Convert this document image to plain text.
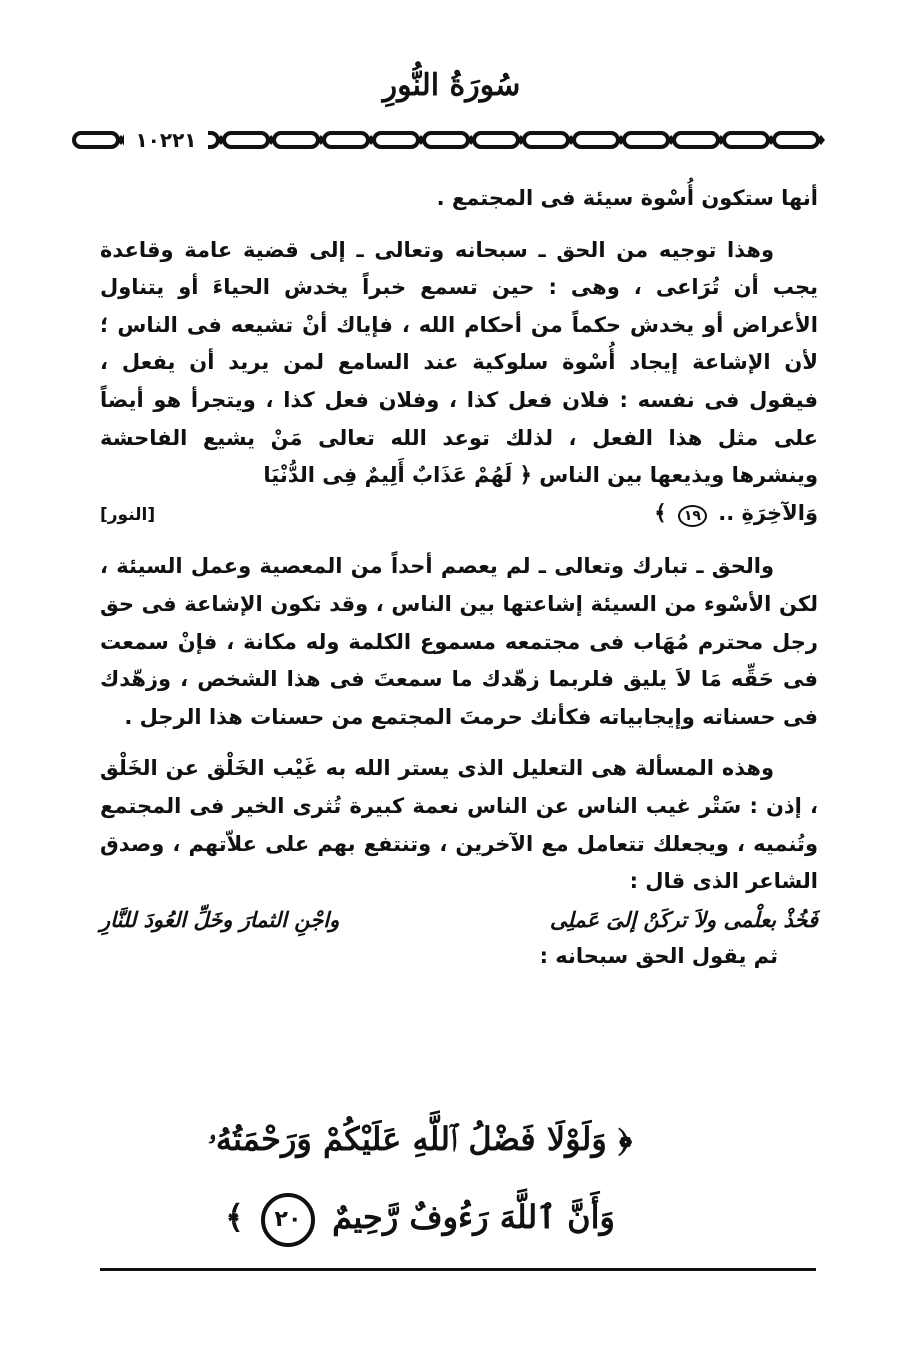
سُورَةُ النُّورِ
١٠٢٢١

أنها ستكون أُسْوة سيئة فى المجتمع .

وهذا توجيه من الحق ـ سبحانه وتعالى ـ إلى قضية عامة وقاعدة يجب أن تُرَاعى ، وهى : حين تسمع خبراً يخدش الحياءَ أو يتناول الأعراض أو يخدش حكماً من أحكام الله ، فإياك أنْ تشيعه فى الناس ؛ لأن الإشاعة إيجاد أُسْوة سلوكية عند السامع لمن يريد أن يفعل ، فيقول فى نفسه : فلان فعل كذا ، وفلان فعل كذا ، ويتجرأ هو أيضاً على مثل هذا الفعل ، لذلك توعد الله تعالى مَنْ يشيع الفاحشة وينشرها ويذيعها بين الناس ﴿ لَهُمْ عَذَابٌ أَلِيمٌ فِى الدُّنْيَا

وَالآخِرَةِ .. ١٩ ﴾
[النور]

والحق ـ تبارك وتعالى ـ لم يعصم أحداً من المعصية وعمل السيئة ، لكن الأسْوء من السيئة إشاعتها بين الناس ، وقد تكون الإشاعة فى حق رجل محترم مُهَاب فى مجتمعه مسموع الكلمة وله مكانة ، فإنْ سمعت فى حَقِّه مَا لاَ يليق فلربما زهّدك ما سمعتَ فى هذا الشخص ، وزهّدك فى حسناته وإيجابياته فكأنك حرمتَ المجتمع من حسنات هذا الرجل .

وهذه المسألة هى التعليل الذى يستر الله به غَيْب الخَلْق عن الخَلْق ، إذن : سَتْر غيب الناس عن الناس نعمة كبيرة تُثرى الخير فى المجتمع وتُنميه ، ويجعلك تتعامل مع الآخرين ، وتنتفع بهم على علاّتهم ، وصدق الشاعر الذى قال :

فَخُذْ بعلْمى ولاَ تركَنْ إلىَ عَملِى
واجْنِ الثمارَ وخَلِّ العُودَ للنَّارِ

ثم يقول الحق سبحانه :

﴿ وَلَوْلَا فَضْلُ ٱللَّهِ عَلَيْكُمْ وَرَحْمَتُهُۥ
وَأَنَّ ٱللَّهَ رَءُوفٌ رَّحِيمٌ ٢٠ ﴾
